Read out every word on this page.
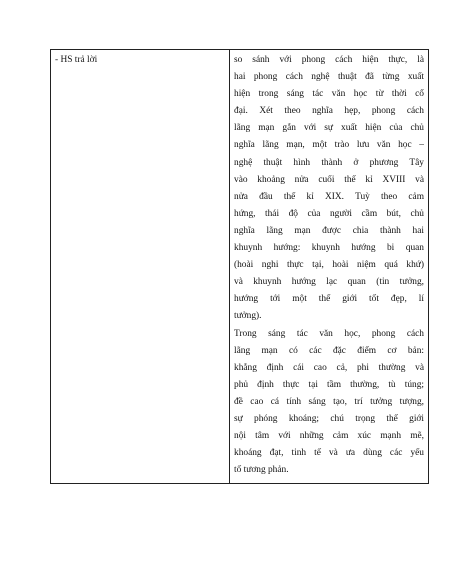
- HS trả lời	so sánh với phong cách hiện thực, là
hai phong cách nghệ thuật đã từng xuất
hiện trong sáng tác văn học từ thời cổ
đại. Xét theo nghĩa hẹp, phong cách
lãng mạn gắn với sự xuất hiện của chủ
nghĩa lãng mạn, một trào lưu văn học –
nghệ thuật hình thành ở phương Tây
vào khoảng nửa cuối thế kỉ XVIII và
nửa đầu thế kỉ XIX. Tuỳ theo cảm
hứng, thái độ của người cầm bút, chủ
nghĩa lãng mạn được chia thành hai
khuynh hướng: khuynh hướng bi quan
(hoài nghi thực tại, hoài niệm quá khứ)
và khuynh hướng lạc quan (tin tưởng,
hướng tới một thế giới tốt đẹp, lí
tưởng).
Trong sáng tác văn học, phong cách
lãng mạn có các đặc điểm cơ bản:
khẳng định cái cao cả, phi thường và
phủ định thực tại tầm thường, tù túng;
đề cao cá tính sáng tạo, trí tưởng tượng,
sự phóng khoáng; chú trọng thế giới
nội tâm với những cảm xúc mạnh mẽ,
khoáng đạt, tinh tế và ưa dùng các yếu
tố tương phản.
